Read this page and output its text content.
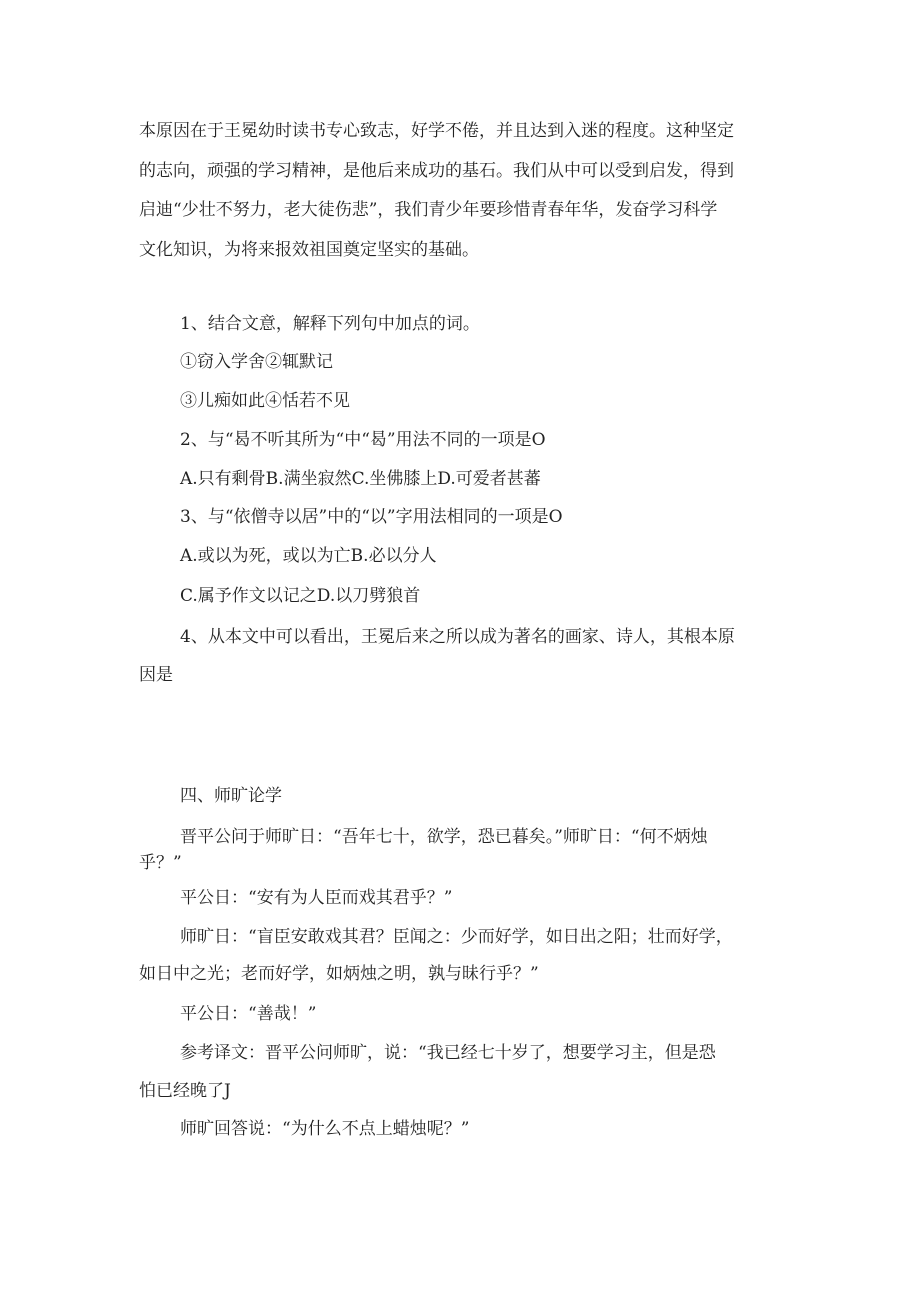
本原因在于王冕幼时读书专心致志，好学不倦，并且达到入迷的程度。这种坚定
的志向，顽强的学习精神，是他后来成功的基石。我们从中可以受到启发，得到
启迪“少壮不努力，老大徒伤悲”，我们青少年要珍惜青春年华，发奋学习科学
文化知识，为将来报效祖国奠定坚实的基础。
1、结合文意，解释下列句中加点的词。
①窃入学舍②辄默记
③儿痴如此④恬若不见
2、与“曷不听其所为“中“曷”用法不同的一项是O
A.只有剩骨B.满坐寂然C.坐佛膝上D.可爱者甚蕃
3、与“依僧寺以居”中的“以”字用法相同的一项是O
A.或以为死，或以为亡B.必以分人
C.属予作文以记之D.以刀劈狼首
4、从本文中可以看出，王冕后来之所以成为著名的画家、诗人，其根本原
因是
四、师旷论学
晋平公问于师旷日：“吾年七十，欲学，恐已暮矣。”师旷日：“何不炳烛
乎？”
平公日：“安有为人臣而戏其君乎？”
师旷日：“盲臣安敢戏其君？臣闻之：少而好学，如日出之阳；壮而好学，
如日中之光；老而好学，如炳烛之明，孰与昧行乎？”
平公日：“善哉！”
参考译文：晋平公问师旷，说：“我已经七十岁了，想要学习主，但是恐
怕已经晚了J
师旷回答说：“为什么不点上蜡烛呢？”
